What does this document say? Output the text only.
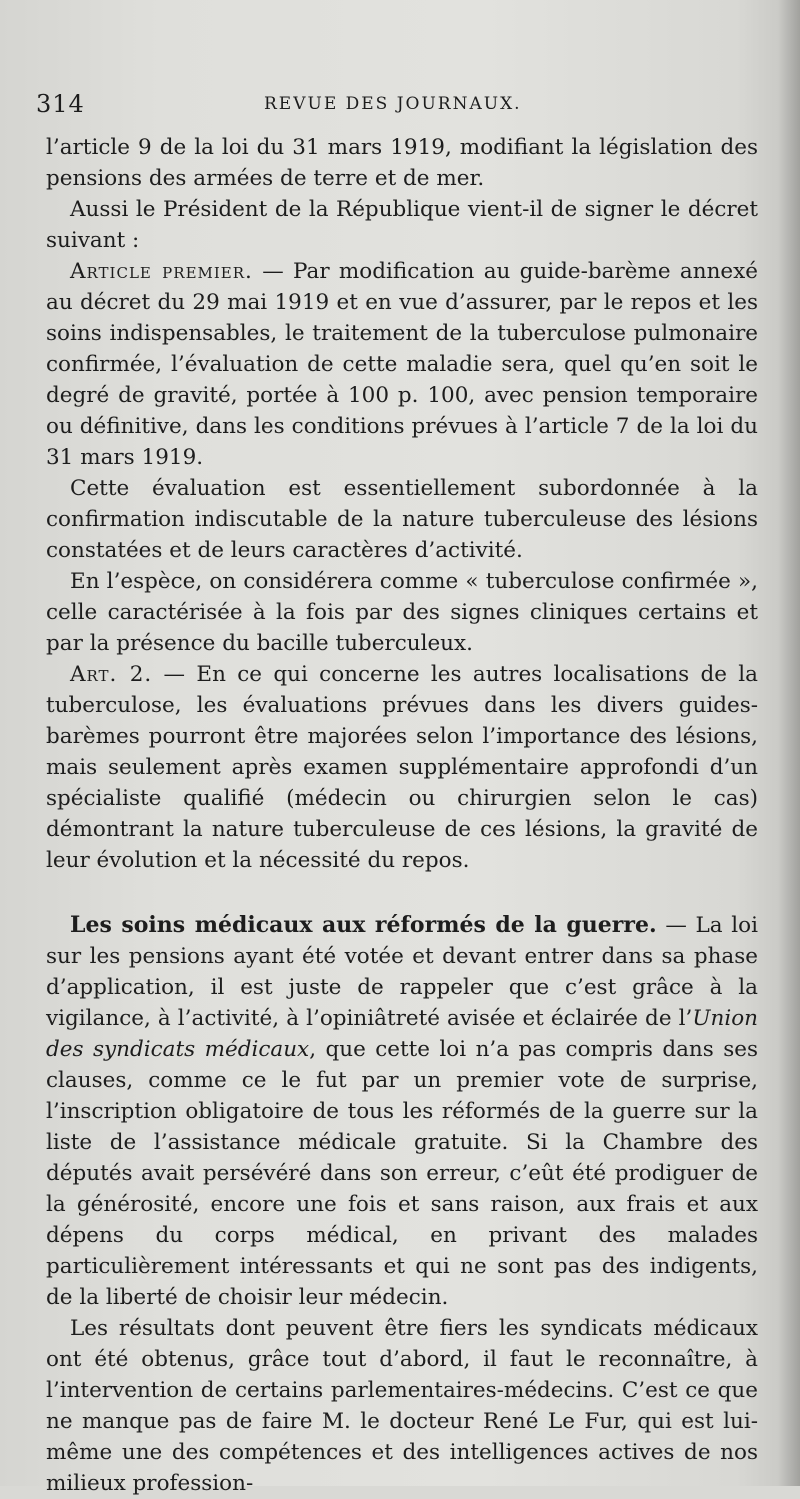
314	REVUE DES JOURNAUX.

l’article 9 de la loi du 31 mars 1919, modifiant la législation des pensions des armées de terre et de mer.

Aussi le Président de la République vient-il de signer le décret suivant :

Article premier. — Par modification au guide-barème annexé au décret du 29 mai 1919 et en vue d’assurer, par le repos et les soins indispensables, le traitement de la tuberculose pulmonaire confirmée, l’évaluation de cette maladie sera, quel qu’en soit le degré de gravité, portée à 100 p. 100, avec pension temporaire ou définitive, dans les conditions prévues à l’article 7 de la loi du 31 mars 1919.

Cette évaluation est essentiellement subordonnée à la confirmation indiscutable de la nature tuberculeuse des lésions constatées et de leurs caractères d’activité.

En l’espèce, on considérera comme « tuberculose confirmée », celle caractérisée à la fois par des signes cliniques certains et par la présence du bacille tuberculeux.

Art. 2. — En ce qui concerne les autres localisations de la tuberculose, les évaluations prévues dans les divers guides-barèmes pourront être majorées selon l’importance des lésions, mais seulement après examen supplémentaire approfondi d’un spécialiste qualifié (médecin ou chirurgien selon le cas) démontrant la nature tuberculeuse de ces lésions, la gravité de leur évolution et la nécessité du repos.

Les soins médicaux aux réformés de la guerre. — La loi sur les pensions ayant été votée et devant entrer dans sa phase d’application, il est juste de rappeler que c’est grâce à la vigilance, à l’activité, à l’opiniâtreté avisée et éclairée de l’Union des syndicats médicaux, que cette loi n’a pas compris dans ses clauses, comme ce le fut par un premier vote de surprise, l’inscription obligatoire de tous les réformés de la guerre sur la liste de l’assistance médicale gratuite. Si la Chambre des députés avait persévéré dans son erreur, c’eût été prodiguer de la générosité, encore une fois et sans raison, aux frais et aux dépens du corps médical, en privant des malades particulièrement intéressants et qui ne sont pas des indigents, de la liberté de choisir leur médecin.

Les résultats dont peuvent être fiers les syndicats médicaux ont été obtenus, grâce tout d’abord, il faut le reconnaître, à l’intervention de certains parlementaires-médecins. C’est ce que ne manque pas de faire M. le docteur René Le Fur, qui est lui-même une des compétences et des intelligences actives de nos milieux profession-
